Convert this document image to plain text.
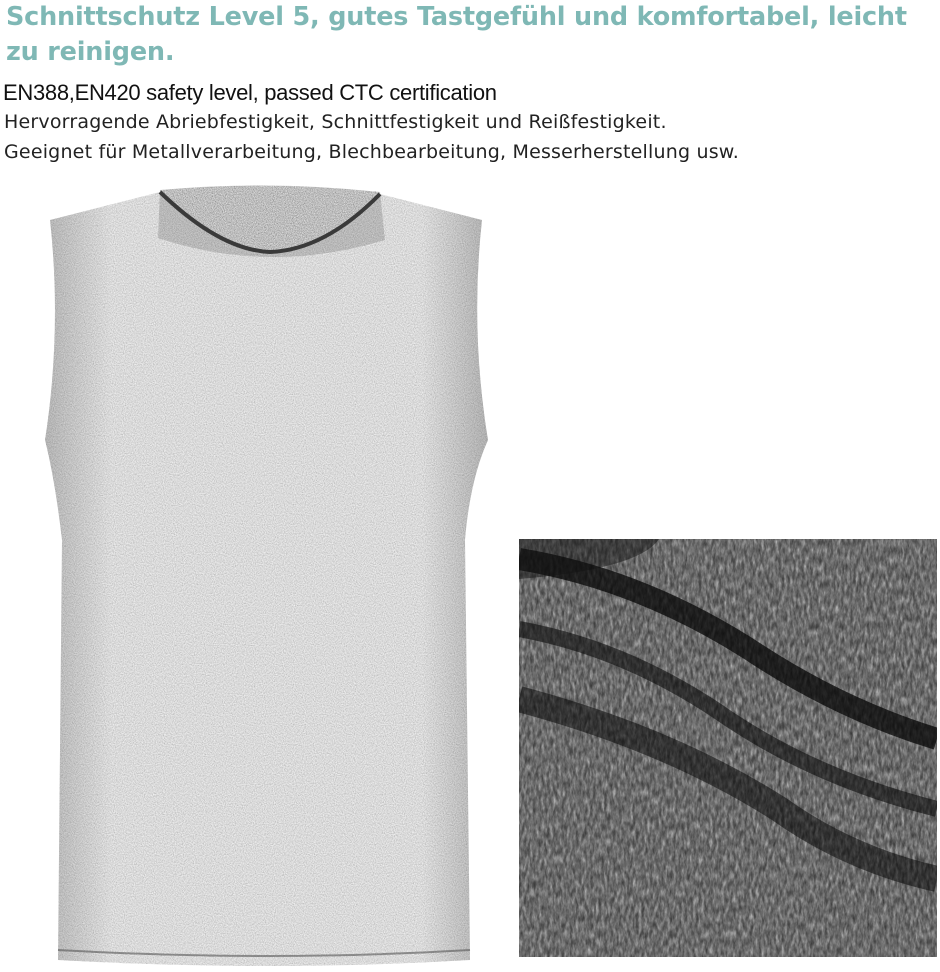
Schnittschutz Level 5, gutes Tastgefühl und komfortabel, leicht zu reinigen.

EN388,EN420 safety level, passed CTC certification

Hervorragende Abriebfestigkeit, Schnittfestigkeit und Reißfestigkeit.

Geeignet für Metallverarbeitung, Blechbearbeitung, Messerherstellung usw.
